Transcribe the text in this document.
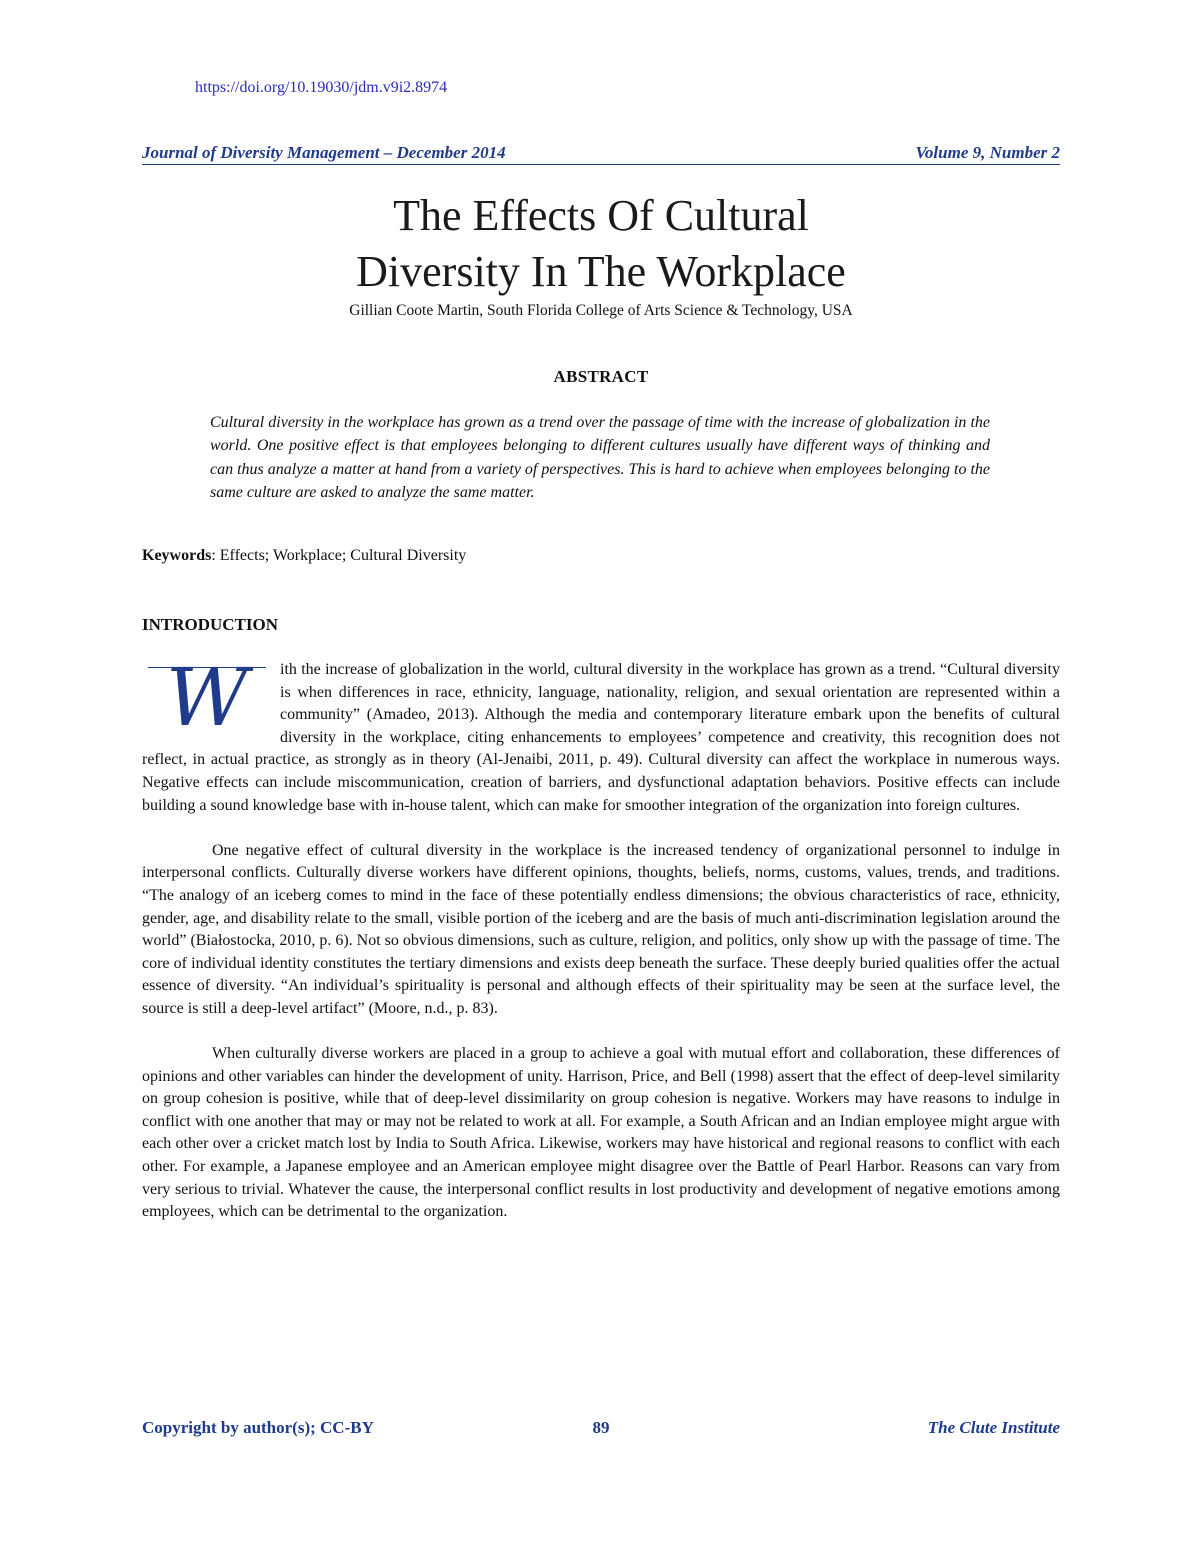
https://doi.org/10.19030/jdm.v9i2.8974
Journal of Diversity Management – December 2014	Volume 9, Number 2
The Effects Of Cultural
Diversity In The Workplace
Gillian Coote Martin, South Florida College of Arts Science & Technology, USA
ABSTRACT
Cultural diversity in the workplace has grown as a trend over the passage of time with the increase of globalization in the world. One positive effect is that employees belonging to different cultures usually have different ways of thinking and can thus analyze a matter at hand from a variety of perspectives. This is hard to achieve when employees belonging to the same culture are asked to analyze the same matter.
Keywords: Effects; Workplace; Cultural Diversity
INTRODUCTION

W	ith the increase of globalization in the world, cultural diversity in the workplace has grown as a trend. “Cultural diversity is when differences in race, ethnicity, language, nationality, religion, and sexual orientation are represented within a community” (Amadeo, 2013). Although the media and contemporary literature embark upon the benefits of cultural diversity in the workplace, citing enhancements to employees’ competence and creativity, this recognition does not reflect, in actual practice, as strongly as in theory (Al-Jenaibi, 2011, p. 49). Cultural diversity can affect the workplace in numerous ways. Negative effects can include miscommunication, creation of barriers, and dysfunctional adaptation behaviors. Positive effects can include building a sound knowledge base with in-house talent, which can make for smoother integration of the organization into foreign cultures.

One negative effect of cultural diversity in the workplace is the increased tendency of organizational personnel to indulge in interpersonal conflicts. Culturally diverse workers have different opinions, thoughts, beliefs, norms, customs, values, trends, and traditions. “The analogy of an iceberg comes to mind in the face of these potentially endless dimensions; the obvious characteristics of race, ethnicity, gender, age, and disability relate to the small, visible portion of the iceberg and are the basis of much anti-discrimination legislation around the world” (Białostocka, 2010, p. 6). Not so obvious dimensions, such as culture, religion, and politics, only show up with the passage of time. The core of individual identity constitutes the tertiary dimensions and exists deep beneath the surface. These deeply buried qualities offer the actual essence of diversity. “An individual’s spirituality is personal and although effects of their spirituality may be seen at the surface level, the source is still a deep-level artifact” (Moore, n.d., p. 83).

When culturally diverse workers are placed in a group to achieve a goal with mutual effort and collaboration, these differences of opinions and other variables can hinder the development of unity. Harrison, Price, and Bell (1998) assert that the effect of deep-level similarity on group cohesion is positive, while that of deep-level dissimilarity on group cohesion is negative. Workers may have reasons to indulge in conflict with one another that may or may not be related to work at all. For example, a South African and an Indian employee might argue with each other over a cricket match lost by India to South Africa. Likewise, workers may have historical and regional reasons to conflict with each other. For example, a Japanese employee and an American employee might disagree over the Battle of Pearl Harbor. Reasons can vary from very serious to trivial. Whatever the cause, the interpersonal conflict results in lost productivity and development of negative emotions among employees, which can be detrimental to the organization.

Copyright by author(s); CC-BY	89	The Clute Institute
